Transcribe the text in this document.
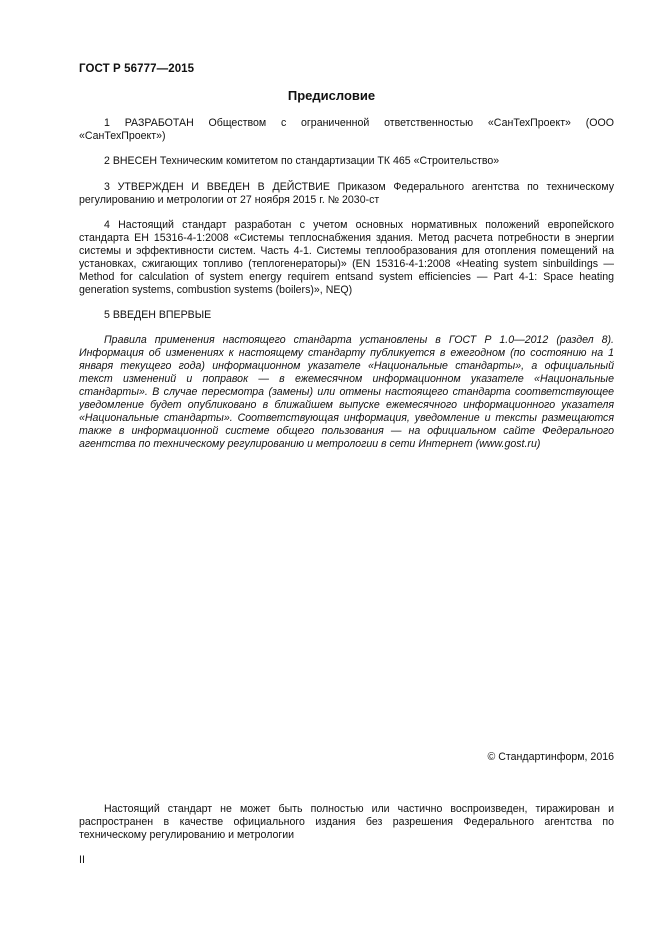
ГОСТ Р 56777—2015
Предисловие

1 РАЗРАБОТАН Обществом с ограниченной ответственностью «СанТехПроект» (ООО «СанТехПроект»)

2 ВНЕСЕН Техническим комитетом по стандартизации ТК 465 «Строительство»

3 УТВЕРЖДЕН И ВВЕДЕН В ДЕЙСТВИЕ Приказом Федерального агентства по техническому регулированию и метрологии от 27 ноября 2015 г. № 2030-ст

4 Настоящий стандарт разработан с учетом основных нормативных положений европейского стандарта ЕН 15316-4-1:2008 «Системы теплоснабжения здания. Метод расчета потребности в энергии системы и эффективности систем. Часть 4-1. Системы теплообразования для отопления помещений на установках, сжигающих топливо (теплогенераторы)» (EN 15316-4-1:2008 «Heating system sinbuildings — Method for calculation of system energy requirem entsand system efficiencies — Part 4-1: Space heating generation systems, combustion systems (boilers)», NEQ)

5 ВВЕДЕН ВПЕРВЫЕ

Правила применения настоящего стандарта установлены в ГОСТ Р 1.0—2012 (раздел 8). Информация об изменениях к настоящему стандарту публикуется в ежегодном (по состоянию на 1 января текущего года) информационном указателе «Национальные стандарты», а официальный текст изменений и поправок — в ежемесячном информационном указателе «Национальные стандарты». В случае пересмотра (замены) или отмены настоящего стандарта соответствующее уведомление будет опубликовано в ближайшем выпуске ежемесячного информационного указателя «Национальные стандарты». Соответствующая информация, уведомление и тексты размещаются также в информационной системе общего пользования — на официальном сайте Федерального агентства по техническому регулированию и метрологии в сети Интернет (www.gost.ru)

© Стандартинформ, 2016
Настоящий стандарт не может быть полностью или частично воспроизведен, тиражирован и распространен в качестве официального издания без разрешения Федерального агентства по техническому регулированию и метрологии
II
